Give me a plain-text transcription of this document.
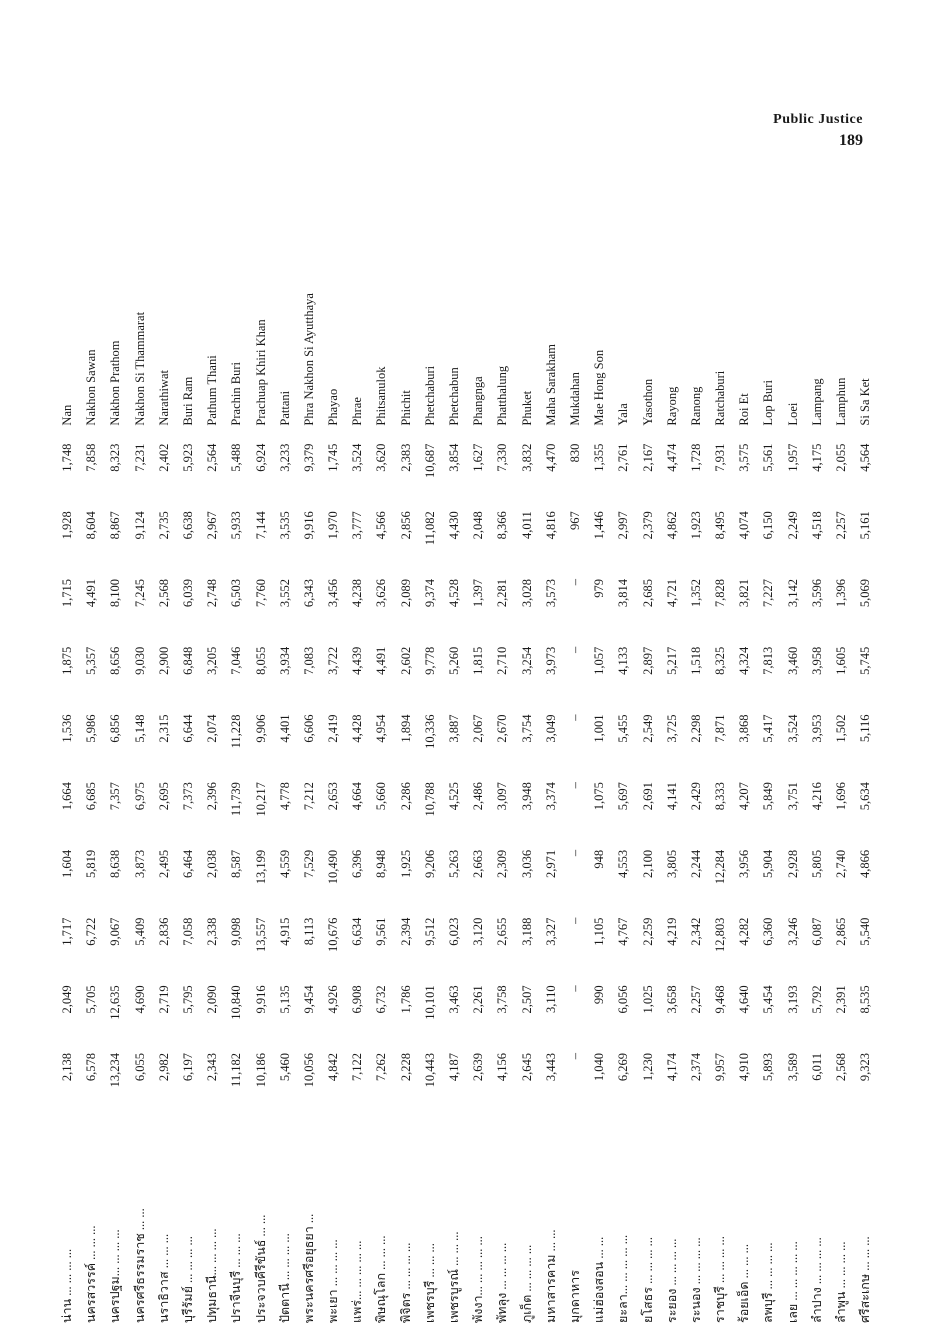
Public Justice
189
น่าน ... ... ... ...
2,138
2,049
1,717
1,604
1,664
1,536
1,875
1,715
1,928
1,748
Nan
นครสวรรค์ ... ... ...
6,578
5,705
6,722
5,819
6,685
5,986
5,357
4,491
8,604
7,858
Nakhon Sawan
นครปฐม... ... ... ...
13,234
12,635
9,067
8,638
7,357
6,856
8,656
8,100
8,867
8,323
Nakhon Prathom
นครศรีธรรมราช ... ...
6,055
4,690
5,409
3,873
6,975
5,148
9,030
7,245
9,124
7,231
Nakhon Si Thammarat
นราธิวาส ... ... ...
2,982
2,719
2,836
2,495
2,695
2,315
2,900
2,568
2,735
2,402
Narathiwat
บุรีรัมย์ ... ... ... ...
6,197
5,795
7,058
6,464
7,373
6,644
6,848
6,039
6,638
5,923
Buri Ram
ปทุมธานี... ... ... ...
2,343
2,090
2,338
2,038
2,396
2,074
3,205
2,748
2,967
2,564
Pathum Thani
ปราจีนบุรี ... ... ...
11,182
10,840
9,098
8,587
11,739
11,228
7,046
6,503
5,933
5,488
Prachin Buri
ประจวบคีรีขันธ์ ... ...
10,186
9,916
13,557
13,199
10,217
9,906
8,055
7,760
7,144
6,924
Prachuap Khiri Khan
ปัตตานี ... ... ... ...
5,460
5,135
4,915
4,559
4,778
4,401
3,934
3,552
3,535
3,233
Pattani
พระนครศรีอยุธยา ...
10,056
9,454
8,113
7,529
7,212
6,606
7,083
6,343
9,916
9,379
Phra Nakhon Si Ayutthaya
พะเยา ... ... ... ...
4,842
4,926
10,676
10,490
2,653
2,419
3,722
3,456
1,970
1,745
Phayao
แพร่... ... ... ... ...
7,122
6,908
6,634
6,396
4,664
4,428
4,439
4,238
3,777
3,524
Phrae
พิษณุโลก ... ... ...
7,262
6,732
9,561
8,948
5,660
4,954
4,491
3,626
4,566
3,620
Phitsanulok
พิจิตร ... ... ... ...
2,228
1,786
2,394
1,925
2,286
1,894
2,602
2,089
2,856
2,383
Phichit
เพชรบุรี ... ... ...
10,443
10,101
9,512
9,206
10,788
10,336
9,778
9,374
11,082
10,687
Phetchaburi
เพชรบูรณ์ ... ... ...
4,187
3,463
6,023
5,263
4,525
3,887
5,260
4,528
4,430
3,854
Phetchabun
พังงา... ... ... ... ...
2,639
2,261
3,120
2,663
2,486
2,067
1,815
1,397
2,048
1,627
Phangnga
พัทลุง ... ... ... ...
4,156
3,758
2,655
2,309
3,097
2,670
2,710
2,281
8,366
7,330
Phatthalung
ภูเก็ต ... ... ... ...
2,645
2,507
3,188
3,036
3,948
3,754
3,254
3,028
4,011
3,832
Phuket
มหาสารคาม ... ...
3,443
3,110
3,327
2,971
3,374
3,049
3,973
3,573
4,816
4,470
Maha Sarakham
มุกดาหาร
–
–
–
–
–
–
–
–
967
830
Mukdahan
แม่ฮ่องสอน ... ...
1,040
990
1,105
948
1,075
1,001
1,057
979
1,446
1,355
Mae Hong Son
ยะลา... ... ... ... ...
6,269
6,056
4,767
4,553
5,697
5,455
4,133
3,814
2,997
2,761
Yala
ยโสธร ... ... ... ...
1,230
1,025
2,259
2,100
2,691
2,549
2,897
2,685
2,379
2,167
Yasothon
ระยอง ... ... ... ...
4,174
3,658
4,219
3,805
4,141
3,725
5,217
4,721
4,862
4,474
Rayong
ระนอง ... ... ... ...
2,374
2,257
2,342
2,244
2,429
2,298
1,518
1,352
1,923
1,728
Ranong
ราชบุรี ... ... ... ...
9,957
9,468
12,803
12,284
8,333
7,871
8,325
7,828
8,495
7,931
Ratchaburi
ร้อยเอ็ด ... ... ...
4,910
4,640
4,282
3,956
4,207
3,868
4,324
3,821
4,074
3,575
Roi Et
ลพบุรี ... ... ... ...
5,893
5,454
6,360
5,904
5,849
5,417
7,813
7,227
6,150
5,561
Lop Buri
เลย ... ... ... ... ...
3,589
3,193
3,246
2,928
3,751
3,524
3,460
3,142
2,249
1,957
Loei
ลำปาง ... ... ... ...
6,011
5,792
6,087
5,805
4,216
3,953
3,958
3,596
4,518
4,175
Lampang
ลำพูน ... ... ... ...
2,568
2,391
2,865
2,740
1,696
1,502
1,605
1,396
2,257
2,055
Lamphun
ศรีสะเกษ ... ... ...
9,323
8,535
5,540
4,866
5,634
5,116
5,745
5,069
5,161
4,564
Si Sa Ket
